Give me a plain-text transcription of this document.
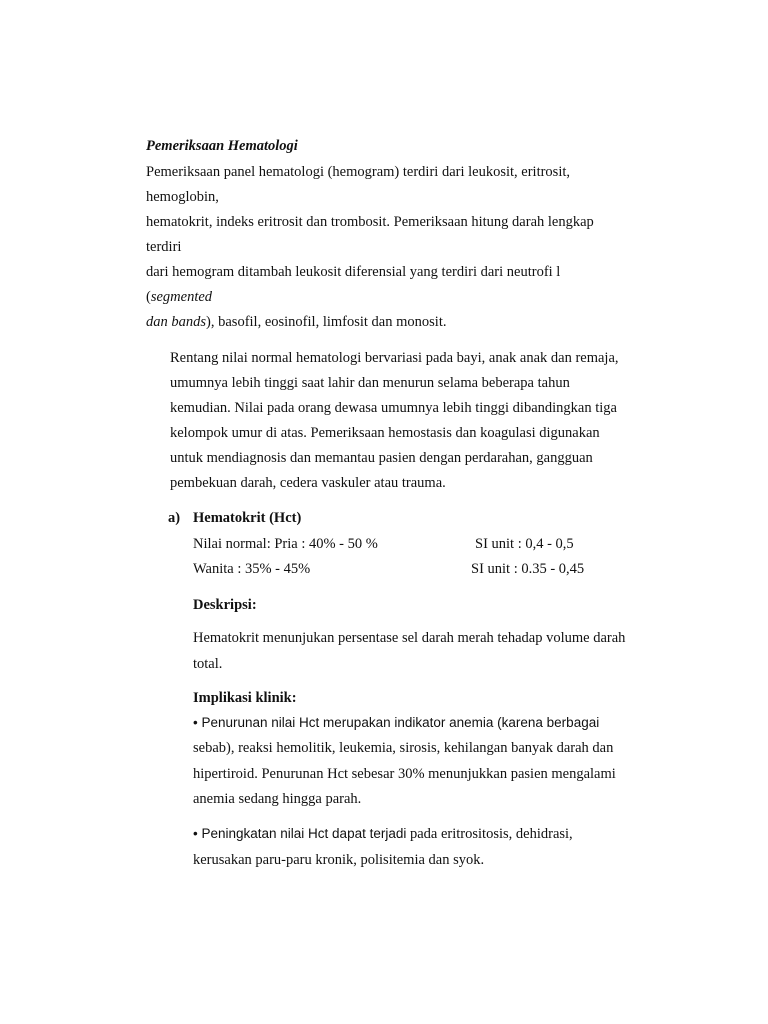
Pemeriksaan Hematologi
Pemeriksaan panel hematologi (hemogram) terdiri dari leukosit, eritrosit,
hemoglobin,
hematokrit, indeks eritrosit dan trombosit. Pemeriksaan hitung darah lengkap
terdiri
dari hemogram ditambah leukosit diferensial yang terdiri dari neutrofi l
(segmented
dan bands), basofil, eosinofil, limfosit dan monosit.
Rentang nilai normal hematologi bervariasi pada bayi, anak anak dan remaja,
umumnya lebih tinggi saat lahir dan menurun selama beberapa tahun
kemudian. Nilai pada orang dewasa umumnya lebih tinggi dibandingkan tiga
kelompok umur di atas. Pemeriksaan hemostasis dan koagulasi digunakan
untuk mendiagnosis dan memantau pasien dengan perdarahan, gangguan
pembekuan darah, cedera vaskuler atau trauma.
a) Hematokrit (Hct)
Nilai normal: Pria : 40% - 50 %	SI unit : 0,4 - 0,5
Wanita : 35% - 45%	SI unit : 0.35 - 0,45
Deskripsi:
Hematokrit menunjukan persentase sel darah merah tehadap volume darah
total.
Implikasi klinik:
• Penurunan nilai Hct merupakan indikator anemia (karena berbagai
sebab), reaksi hemolitik, leukemia, sirosis, kehilangan banyak darah dan
hipertiroid. Penurunan Hct sebesar 30% menunjukkan pasien mengalami
anemia sedang hingga parah.
• Peningkatan nilai Hct dapat terjadi pada eritrositosis, dehidrasi,
kerusakan paru-paru kronik, polisitemia dan syok.
